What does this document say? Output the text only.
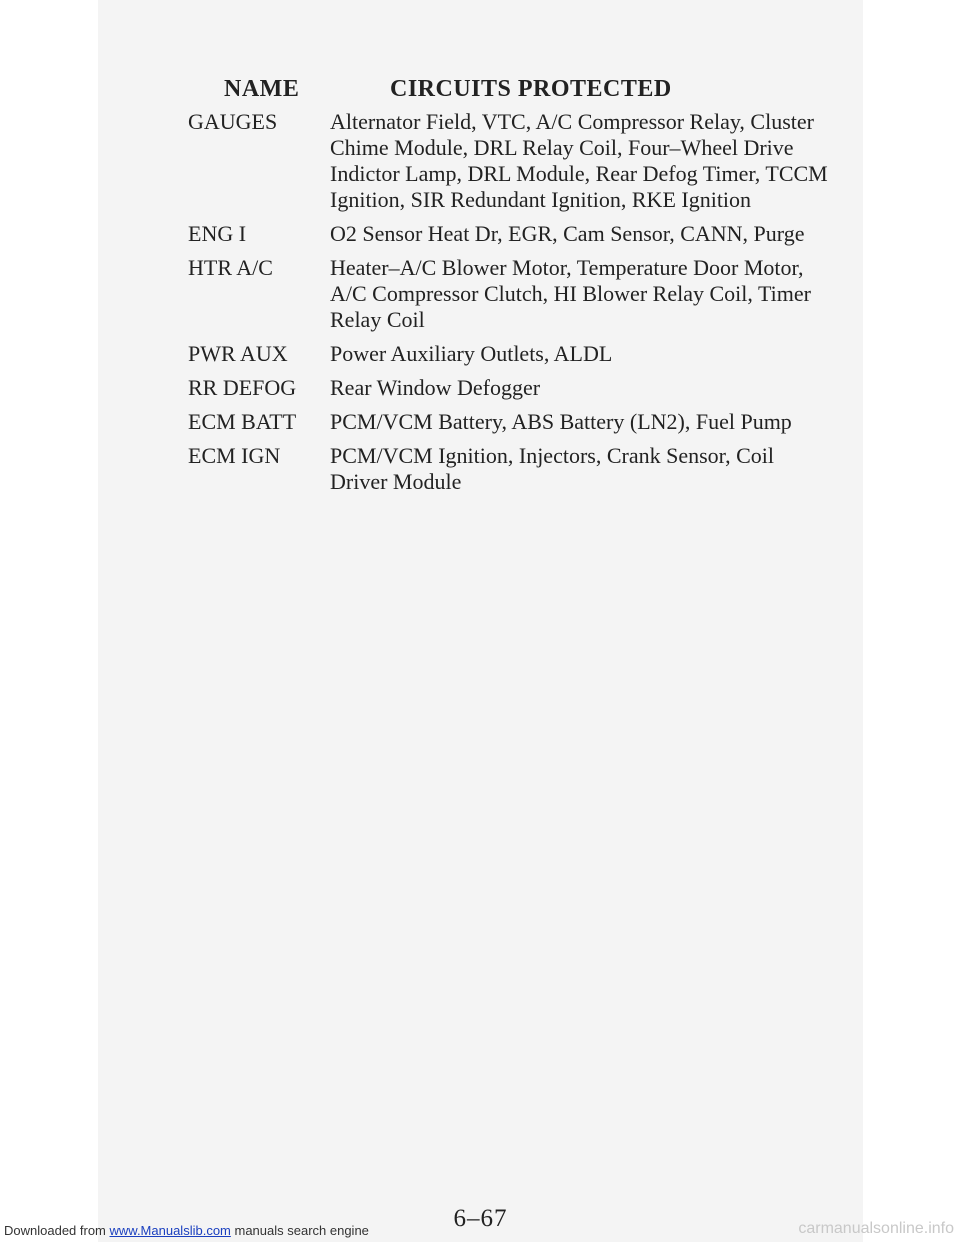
NAME	CIRCUITS PROTECTED
GAUGES	Alternator Field, VTC, A/C Compressor Relay, Cluster Chime Module, DRL Relay Coil, Four–Wheel Drive Indictor Lamp, DRL Module, Rear Defog Timer, TCCM Ignition, SIR Redundant Ignition, RKE Ignition
ENG I	O2 Sensor Heat Dr, EGR, Cam Sensor, CANN, Purge
HTR A/C	Heater–A/C Blower Motor, Temperature Door Motor, A/C Compressor Clutch, HI Blower Relay Coil, Timer Relay Coil
PWR AUX	Power Auxiliary Outlets, ALDL
RR DEFOG	Rear Window Defogger
ECM BATT	PCM/VCM Battery, ABS Battery (LN2), Fuel Pump
ECM IGN	PCM/VCM Ignition, Injectors, Crank Sensor, Coil Driver Module
6–67
Downloaded from www.Manualslib.com manuals search engine	carmanualsonline.info
